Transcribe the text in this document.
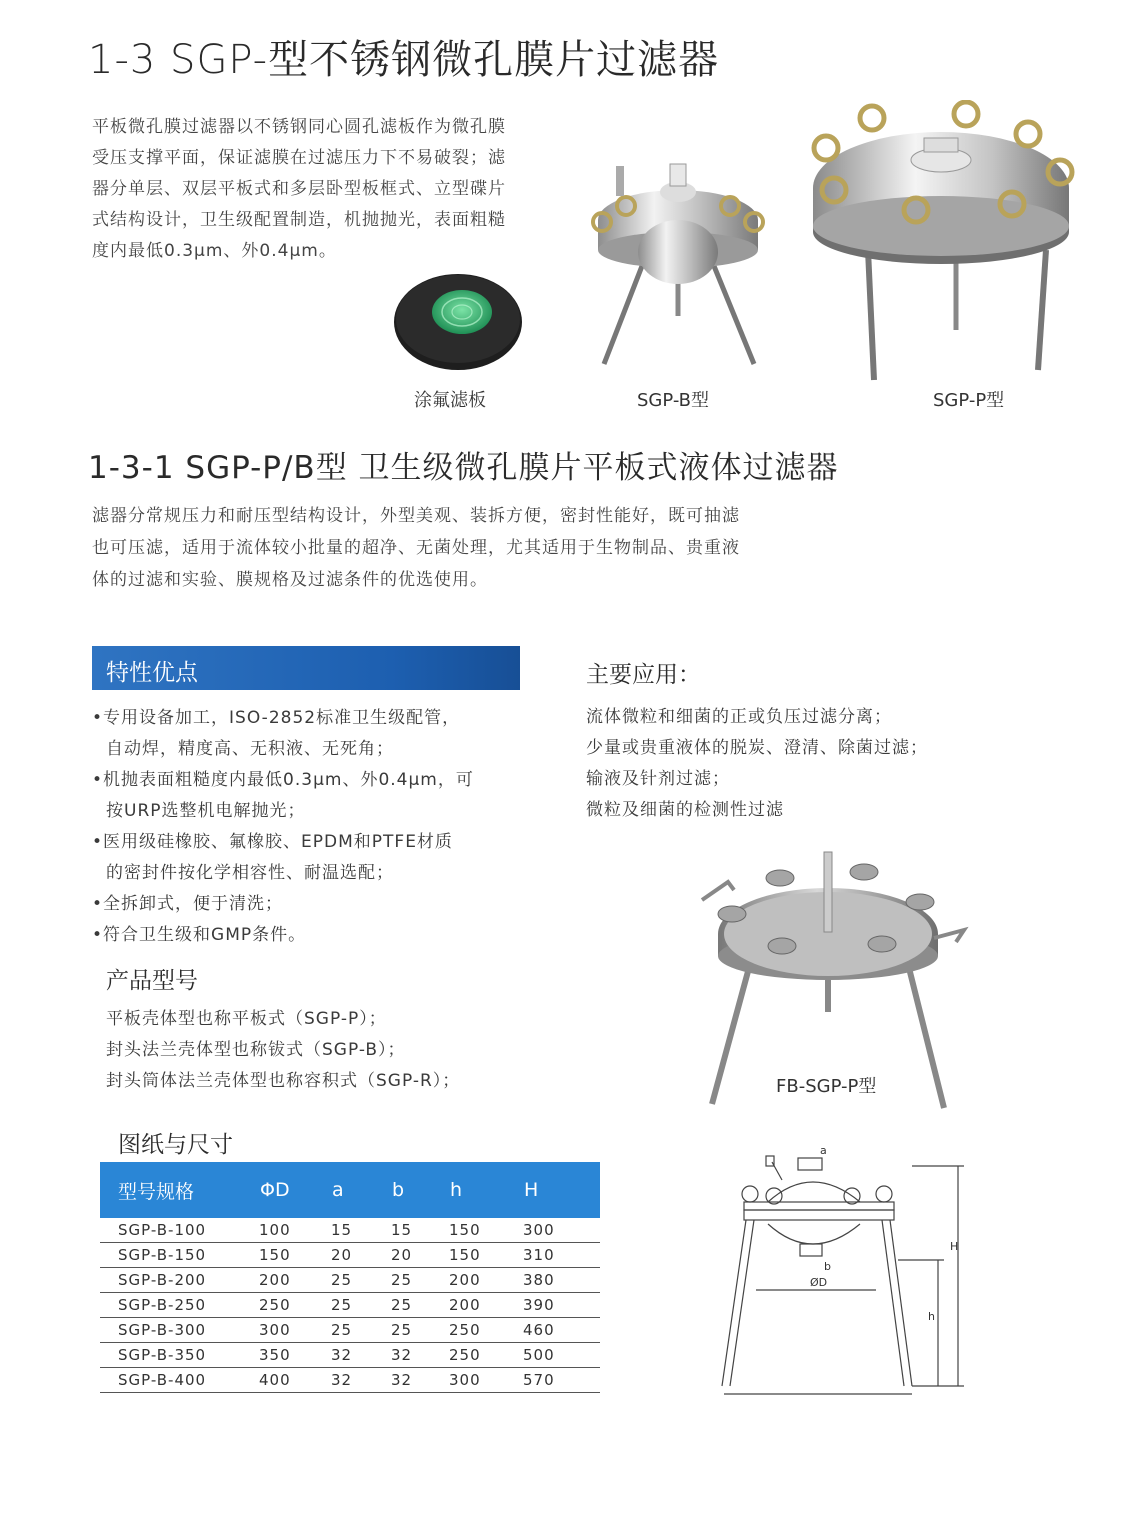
1-3 SGP-型不锈钢微孔膜片过滤器
平板微孔膜过滤器以不锈钢同心圆孔滤板作为微孔膜
受压支撑平面，保证滤膜在过滤压力下不易破裂；滤
器分单层、双层平板式和多层卧型板框式、立型碟片
式结构设计，卫生级配置制造，机抛抛光，表面粗糙
度内最低0.3μm、外0.4μm。
涂氟滤板	SGP-B型	SGP-P型
1-3-1 SGP-P/B型 卫生级微孔膜片平板式液体过滤器
滤器分常规压力和耐压型结构设计，外型美观、装拆方便，密封性能好，既可抽滤
也可压滤，适用于流体较小批量的超净、无菌处理，尤其适用于生物制品、贵重液
体的过滤和实验、膜规格及过滤条件的优选使用。
特性优点
•专用设备加工，ISO-2852标准卫生级配管，
自动焊，精度高、无积液、无死角；
•机抛表面粗糙度内最低0.3μm、外0.4μm，可
按URP选整机电解抛光；
•医用级硅橡胶、氟橡胶、EPDM和PTFE材质
的密封件按化学相容性、耐温选配；
•全拆卸式，便于清洗；
•符合卫生级和GMP条件。
主要应用：
流体微粒和细菌的正或负压过滤分离；
少量或贵重液体的脱炭、澄清、除菌过滤；
输液及针剂过滤；
微粒及细菌的检测性过滤
FB-SGP-P型
产品型号
平板壳体型也称平板式（SGP-P）；
封头法兰壳体型也称钹式（SGP-B）；
封头筒体法兰壳体型也称容积式（SGP-R）；
图纸与尺寸
型号规格	ΦD	a	b	h	H
SGP-B-100	100	15	15	150	300
SGP-B-150	150	20	20	150	310
SGP-B-200	200	25	25	200	380
SGP-B-250	250	25	25	200	390
SGP-B-300	300	25	25	250	460
SGP-B-350	350	32	32	250	500
SGP-B-400	400	32	32	300	570
a
b
ØD
H
h
